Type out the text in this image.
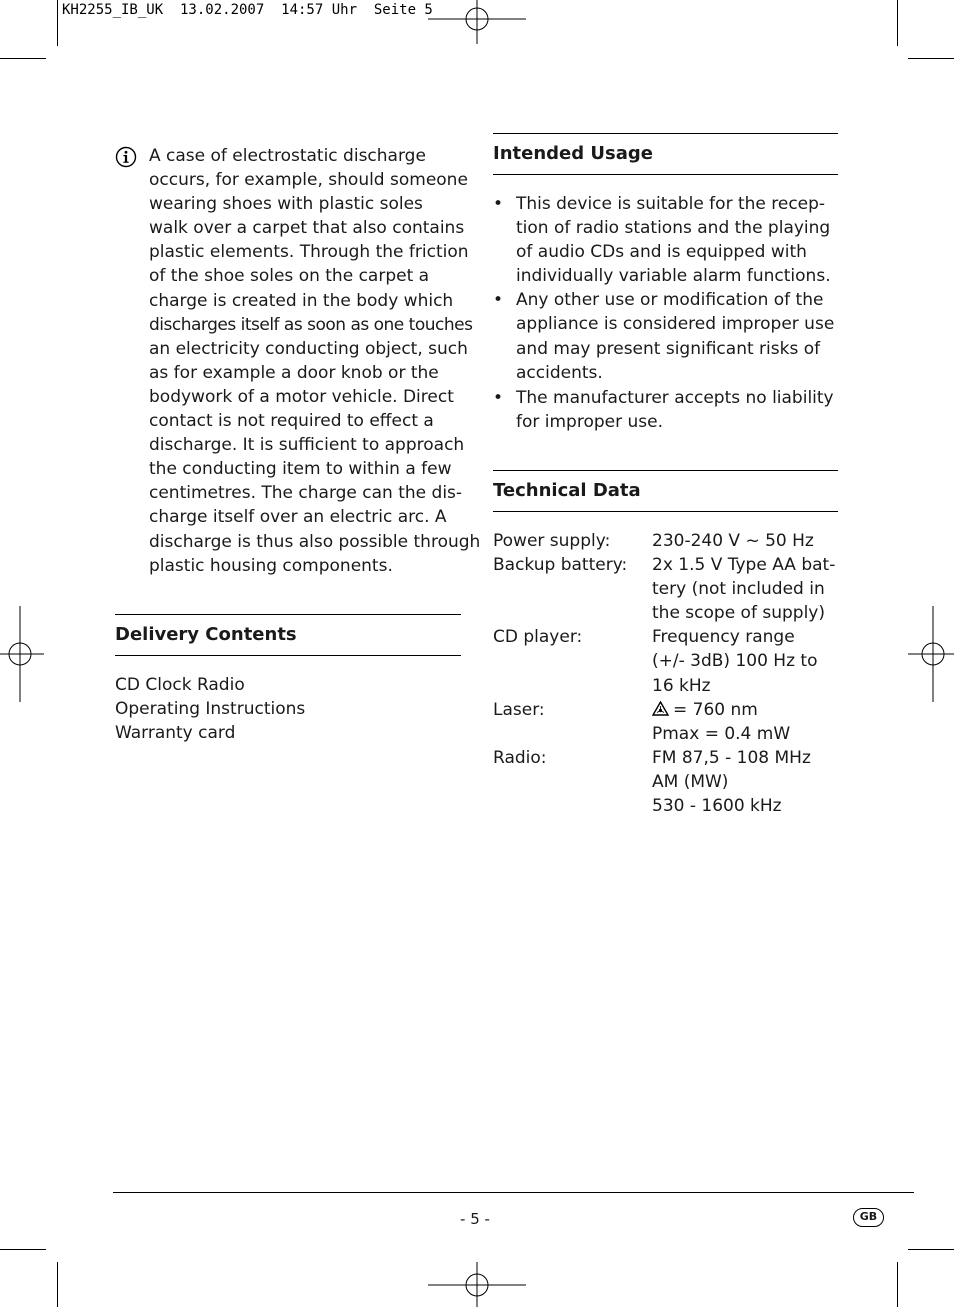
KH2255_IB_UK  13.02.2007  14:57 Uhr  Seite 5
A case of electrostatic discharge
occurs, for example, should someone
wearing shoes with plastic soles
walk over a carpet that also contains
plastic elements. Through the friction
of the shoe soles on the carpet a
charge is created in the body which
discharges itself as soon as one touches
an electricity conducting object, such
as for example a door knob or the
bodywork of a motor vehicle. Direct
contact is not required to effect a
discharge. It is sufficient to approach
the conducting item to within a few
centimetres. The charge can the dis-
charge itself over an electric arc. A
discharge is thus also possible through
plastic housing components.
Delivery Contents
CD Clock Radio
Operating Instructions
Warranty card
Intended Usage
• This device is suitable for the recep-
tion of radio stations and the playing
of audio CDs and is equipped with
individually variable alarm functions.
• Any other use or modification of the
appliance is considered improper use
and may present significant risks of
accidents.
• The manufacturer accepts no liability
for improper use.
Technical Data
Power supply: 230-240 V ~ 50 Hz
Backup battery: 2x 1.5 V Type AA bat-
tery (not included in
the scope of supply)
CD player:	Frequency range
(+/- 3dB) 100 Hz to
16 kHz
Laser:	= 760 nm
Pmax = 0.4 mW
Radio:	FM 87,5 - 108 MHz
AM (MW)
530 - 1600 kHz
- 5 -	GB
